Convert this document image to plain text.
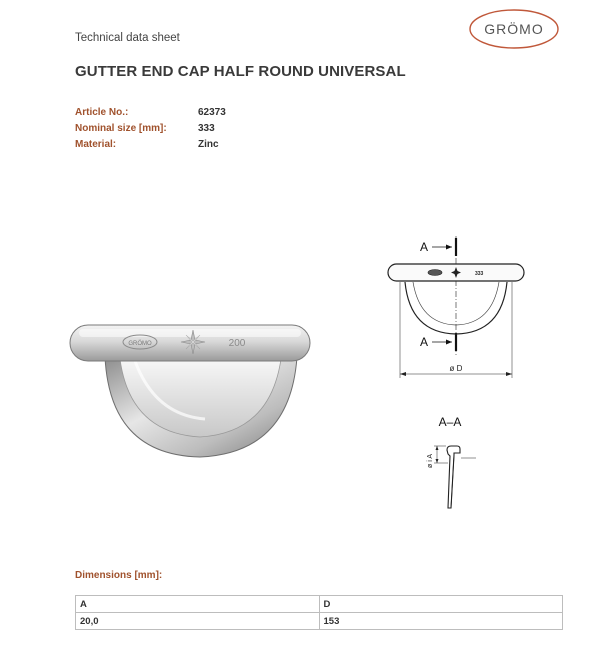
Technical data sheet
GRÖMO
GUTTER END CAP HALF ROUND UNIVERSAL
Article No.:	62373
Nominal size [mm]:	333
Material:	Zinc
GRÖMO	200
A
A
333
ø D
A–A
ø i A
Dimensions [mm]:
A	D
20,0	153
